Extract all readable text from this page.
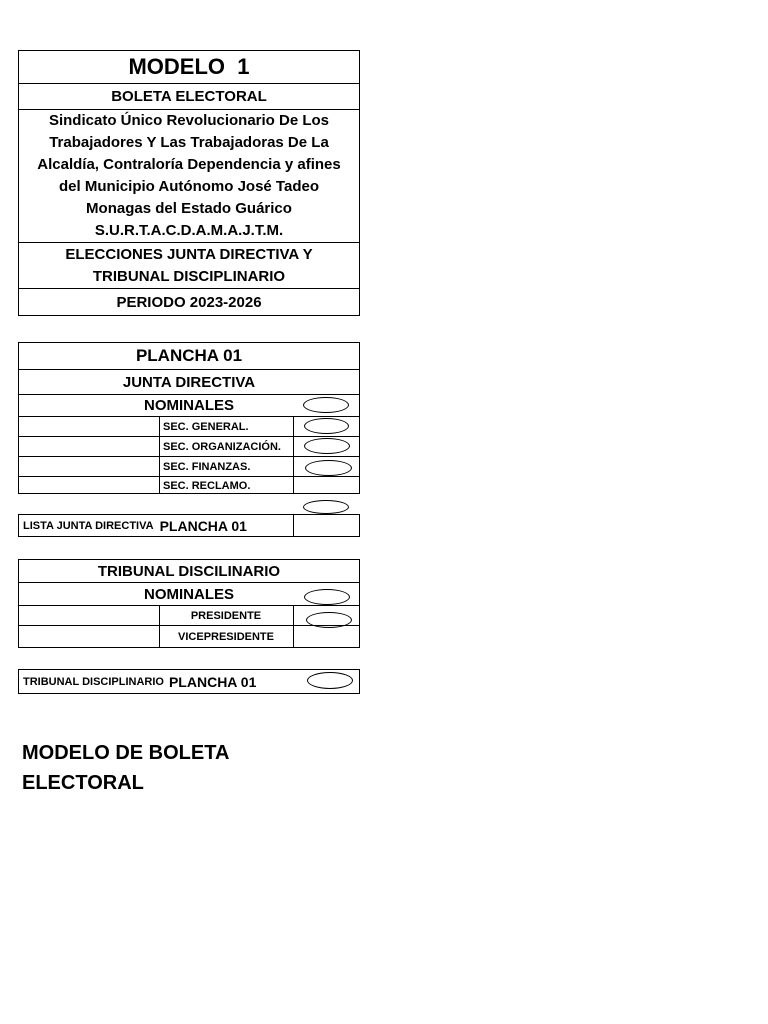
MODELO  1
BOLETA ELECTORAL
Sindicato Único Revolucionario De Los
Trabajadores Y Las Trabajadoras De La
Alcaldía, Contraloría Dependencia y afines
del Municipio Autónomo José Tadeo
Monagas del Estado Guárico
S.U.R.T.A.C.D.A.M.A.J.T.M.
ELECCIONES JUNTA DIRECTIVA Y
TRIBUNAL DISCIPLINARIO
PERIODO 2023-2026
PLANCHA 01
JUNTA DIRECTIVA
NOMINALES
SEC. GENERAL.
SEC. ORGANIZACIÓN.
SEC. FINANZAS.
SEC. RECLAMO.
LISTA JUNTA DIRECTIVA PLANCHA 01
TRIBUNAL DISCILINARIO
NOMINALES
PRESIDENTE
VICEPRESIDENTE
TRIBUNAL DISCIPLINARIO PLANCHA 01
MODELO DE BOLETA
ELECTORAL
